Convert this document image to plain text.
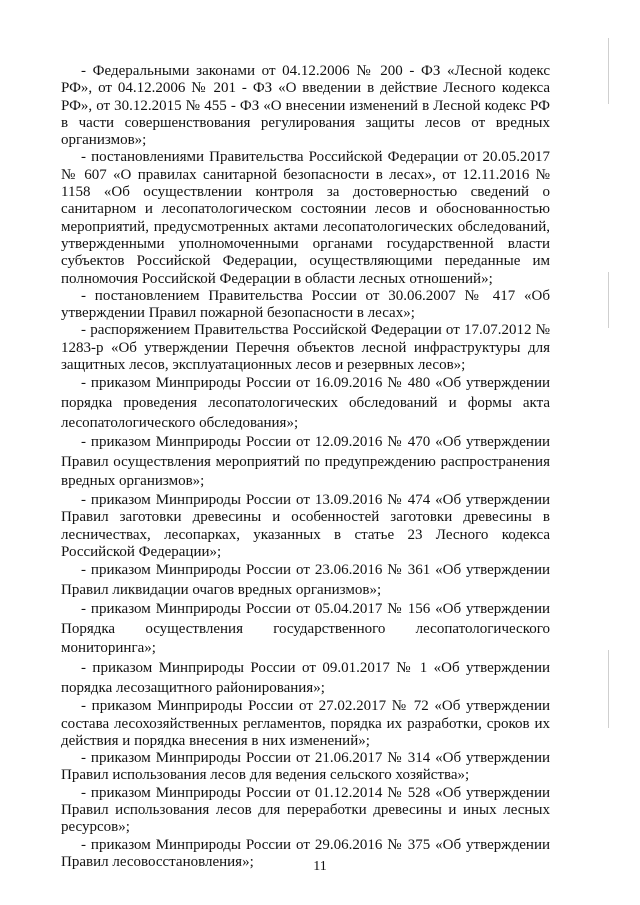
- Федеральными законами от 04.12.2006 № 200 - ФЗ «Лесной кодекс РФ», от 04.12.2006 № 201 - ФЗ «О введении в действие Лесного кодекса РФ», от 30.12.2015 № 455 - ФЗ «О внесении изменений в Лесной кодекс РФ в части совершенствования регулирования защиты лесов от вредных организмов»;

- постановлениями Правительства Российской Федерации от 20.05.2017 № 607 «О правилах санитарной безопасности в лесах», от 12.11.2016 № 1158 «Об осуществлении контроля за достоверностью сведений о санитарном и лесопатологическом состоянии лесов и обоснованностью мероприятий, предусмотренных актами лесопатологических обследований, утвержденными уполномоченными органами государственной власти субъектов Российской Федерации, осуществляющими переданные им полномочия Российской Федерации в области лесных отношений»;

- постановлением Правительства России от 30.06.2007 № 417 «Об утверждении Правил пожарной безопасности в лесах»;

- распоряжением Правительства Российской Федерации от 17.07.2012 № 1283-р «Об утверждении Перечня объектов лесной инфраструктуры для защитных лесов, эксплуатационных лесов и резервных лесов»;

- приказом Минприроды России от 16.09.2016 № 480 «Об утверждении порядка проведения лесопатологических обследований и формы акта лесопатологического обследования»;

- приказом Минприроды России от 12.09.2016 № 470 «Об утверждении Правил осуществления мероприятий по предупреждению распространения вредных организмов»;

- приказом Минприроды России от 13.09.2016 № 474 «Об утверждении Правил заготовки древесины и особенностей заготовки древесины в лесничествах, лесопарках, указанных в статье 23 Лесного кодекса Российской Федерации»;

- приказом Минприроды России от 23.06.2016 № 361 «Об утверждении Правил ликвидации очагов вредных организмов»;

- приказом Минприроды России от 05.04.2017 № 156 «Об утверждении Порядка осуществления государственного лесопатологического мониторинга»;

- приказом Минприроды России от 09.01.2017 № 1 «Об утверждении порядка лесозащитного районирования»;

- приказом Минприроды России от 27.02.2017 № 72 «Об утверждении состава лесохозяйственных регламентов, порядка их разработки, сроков их действия и порядка внесения в них изменений»;

- приказом Минприроды России от 21.06.2017 № 314 «Об утверждении Правил использования лесов для ведения сельского хозяйства»;

- приказом Минприроды России от 01.12.2014 № 528 «Об утверждении Правил использования лесов для переработки древесины и иных лесных ресурсов»;

- приказом Минприроды России от 29.06.2016 № 375 «Об утверждении Правил лесовосстановления»;	11
